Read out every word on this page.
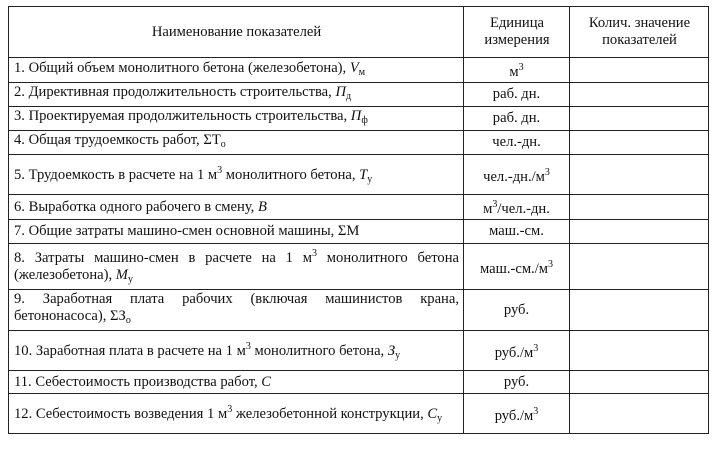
Наименование показателей	Единица измерения	Колич. значение показателей
1. Общий объем монолитного бетона (железобетона), $V_м$	$м^3$	
2. Директивная продолжительность строительства, $П_д$	раб. дн.	
3. Проектируемая продолжительность строительства, $П_ф$	раб. дн.	
4. Общая трудоемкость работ, $\Sigma T_о$	чел.-дн.	
5. Трудоемкость в расчете на 1 $м^3$ монолитного бетона, $T_у$	$чел.-дн./м^3$	
6. Выработка одного рабочего в смену, B	$м^3/чел.-дн$.	
7. Общие затраты машино-смен основной машины, ΣM	маш.-см.	
8. Затраты машино-смен в расчете на 1 $м^3$ монолитного бетона (железобетона), $M_у$	$маш.-см./м^3$	
9. Заработная плата рабочих (включая машинистов крана, бетононасоса), $\Sigma З_о$	руб.	
10. Заработная плата в расчете на 1 $м^3$ монолитного бетона, $З_у$	$руб./м^3$	
11. Себестоимость производства работ, C	руб.	
12. Себестоимость возведения 1 $м^3$ железобетонной конструкции, $C_у$	$руб./м^3$	
